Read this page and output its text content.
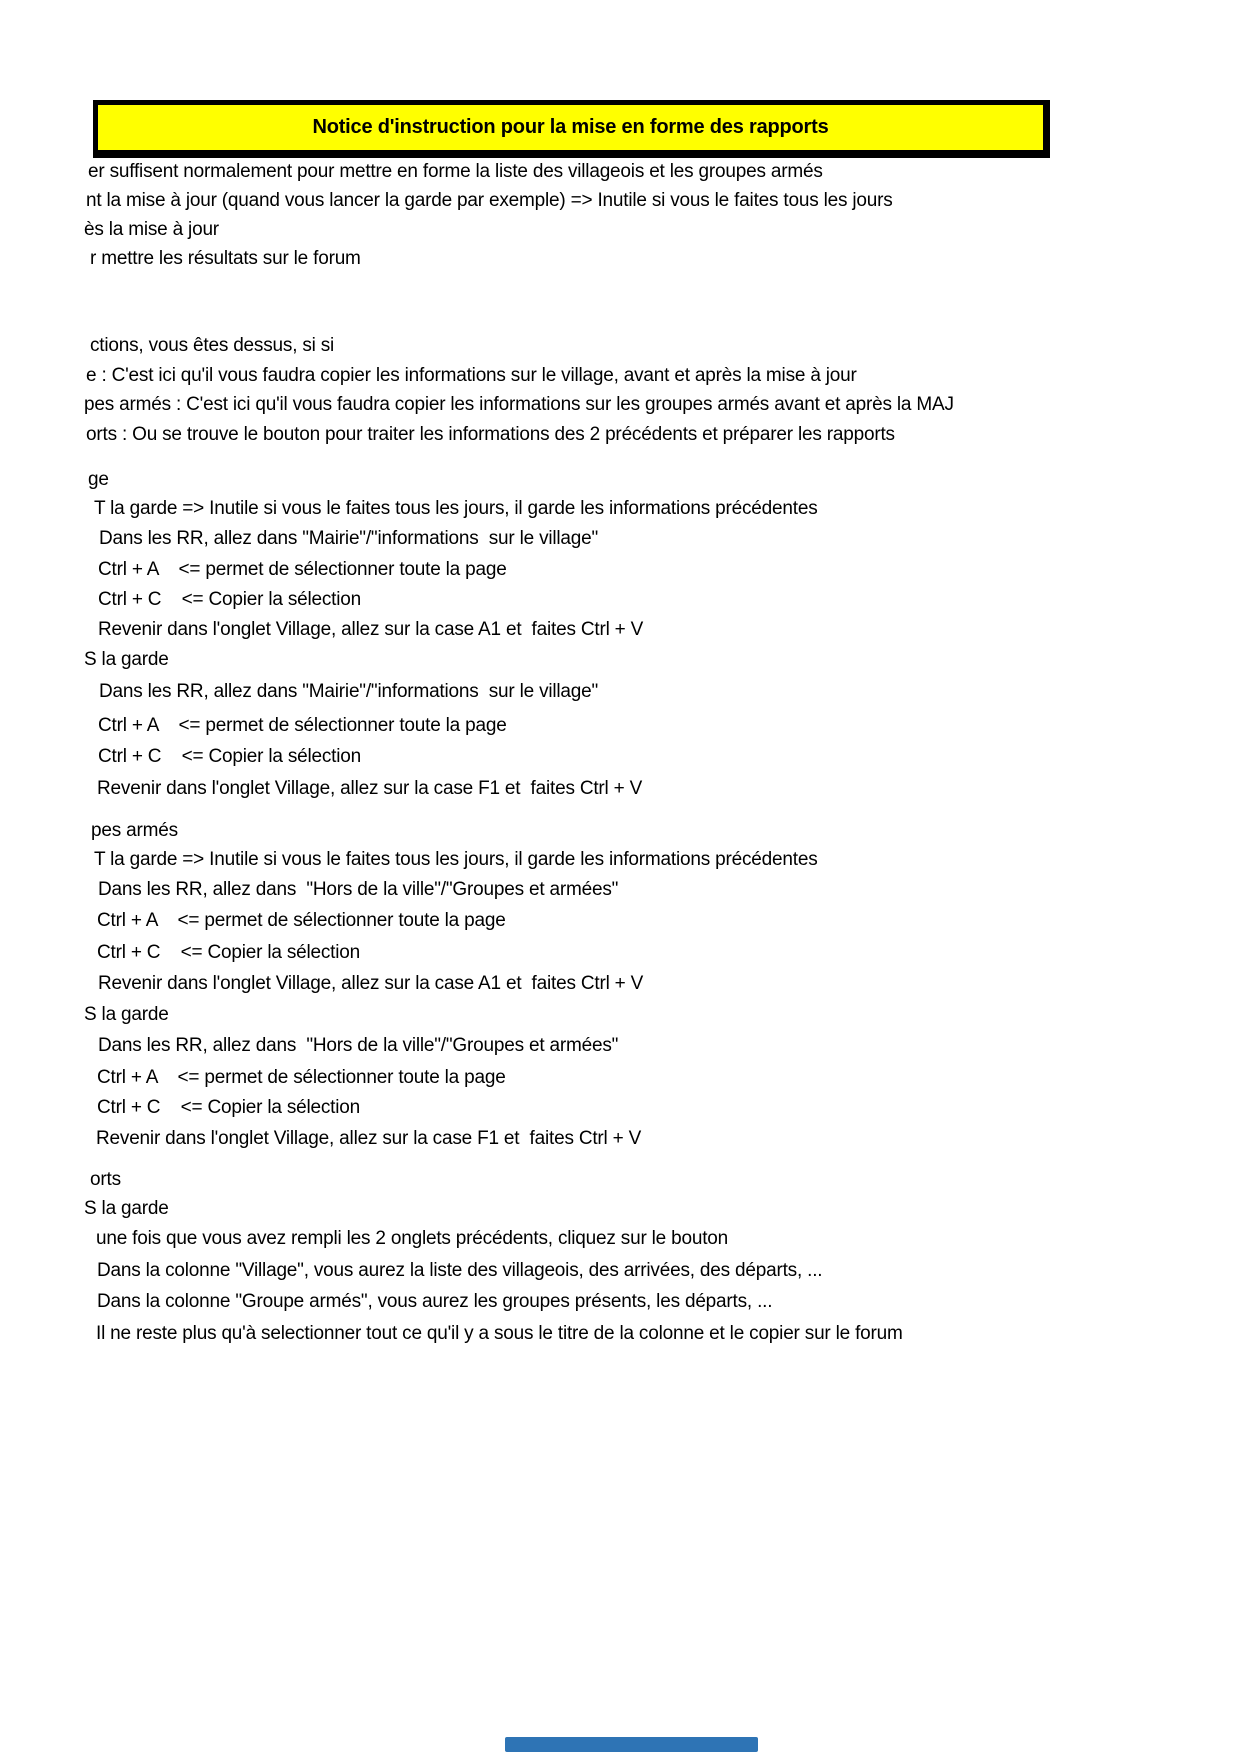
Notice d'instruction pour la mise en forme des rapports
er suffisent normalement pour mettre en forme la liste des villageois et les groupes armés
nt la mise à jour (quand vous lancer la garde par exemple) => Inutile si vous le faites tous les jours
ès la mise à jour
r mettre les résultats sur le forum
ctions, vous êtes dessus, si si
e : C'est ici qu'il vous faudra copier les informations sur le village, avant et après la mise à jour
pes armés : C'est ici qu'il vous faudra copier les informations sur les groupes armés avant et après la MAJ
orts : Ou se trouve le bouton pour traiter les informations des 2 précédents et préparer les rapports
ge
T la garde => Inutile si vous le faites tous les jours, il garde les informations précédentes
Dans les RR, allez dans "Mairie"/"informations  sur le village"
Ctrl + A    <= permet de sélectionner toute la page
Ctrl + C    <= Copier la sélection
Revenir dans l'onglet Village, allez sur la case A1 et  faites Ctrl + V
S la garde
Dans les RR, allez dans "Mairie"/"informations  sur le village"
Ctrl + A    <= permet de sélectionner toute la page
Ctrl + C    <= Copier la sélection
Revenir dans l'onglet Village, allez sur la case F1 et  faites Ctrl + V
pes armés
T la garde => Inutile si vous le faites tous les jours, il garde les informations précédentes
Dans les RR, allez dans  "Hors de la ville"/"Groupes et armées"
Ctrl + A    <= permet de sélectionner toute la page
Ctrl + C    <= Copier la sélection
Revenir dans l'onglet Village, allez sur la case A1 et  faites Ctrl + V
S la garde
Dans les RR, allez dans  "Hors de la ville"/"Groupes et armées"
Ctrl + A    <= permet de sélectionner toute la page
Ctrl + C    <= Copier la sélection
Revenir dans l'onglet Village, allez sur la case F1 et  faites Ctrl + V
orts
S la garde
une fois que vous avez rempli les 2 onglets précédents, cliquez sur le bouton
Dans la colonne "Village", vous aurez la liste des villageois, des arrivées, des départs, ...
Dans la colonne "Groupe armés", vous aurez les groupes présents, les départs, ...
Il ne reste plus qu'à selectionner tout ce qu'il y a sous le titre de la colonne et le copier sur le forum
